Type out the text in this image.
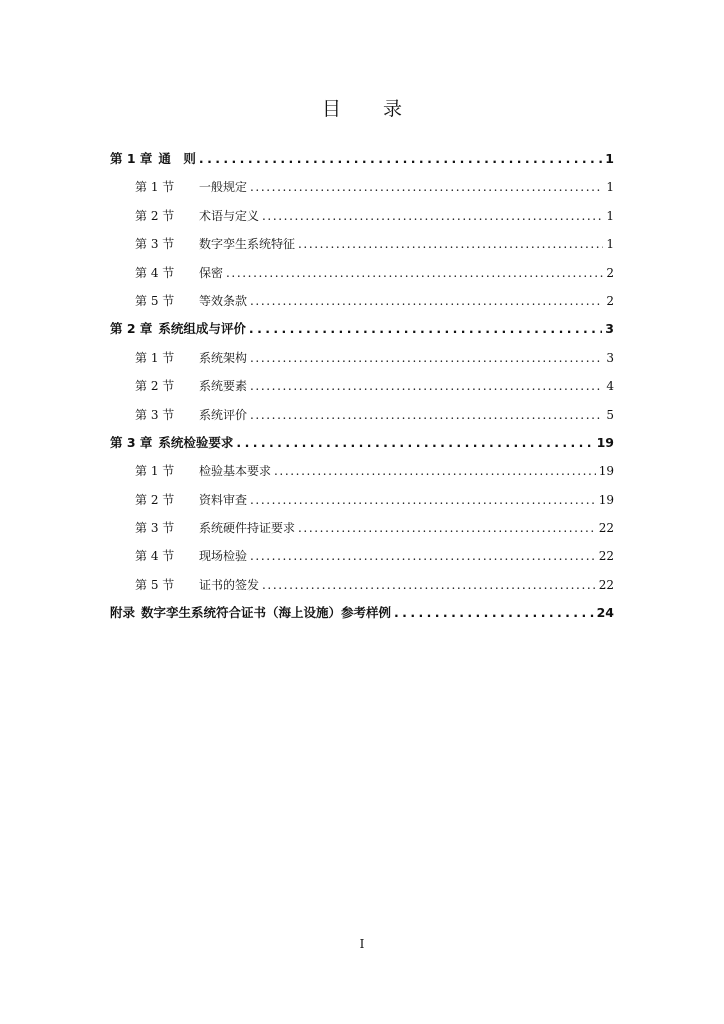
目 录
第 1 章 通　则 .....	1
第 1 节 一般规定 .....	1
第 2 节 术语与定义 .....	1
第 3 节 数字孪生系统特征 .....	1
第 4 节 保密 .....	2
第 5 节 等效条款 .....	2
第 2 章 系统组成与评价 .....	3
第 1 节 系统架构 .....	3
第 2 节 系统要素 .....	4
第 3 节 系统评价 .....	5
第 3 章 系统检验要求 .....	19
第 1 节 检验基本要求 .....	19
第 2 节 资料审查 .....	19
第 3 节 系统硬件持证要求 .....	22
第 4 节 现场检验 .....	22
第 5 节 证书的签发 .....	22
附录 数字孪生系统符合证书（海上设施）参考样例 .....	24
I
